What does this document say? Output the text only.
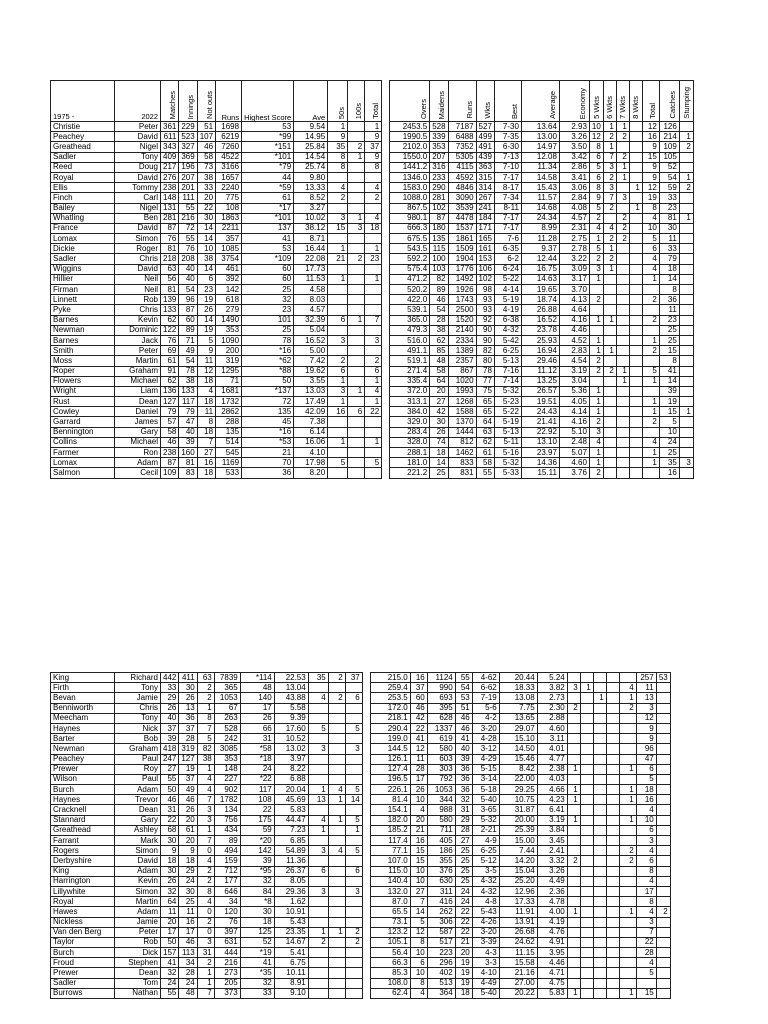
1975 -	2022	Matches	Innings	Not outs	Runs	Highest Score	Ave	50s	100s	Total		Overs	Maidens	Runs	Wkts	Best	Average	Economy	5 Wkts	6 Wkts	7 Wkts	8 Wkts	Total	Catches	Stumping
Christie	Peter	361	229	51	1698	53	9.54	1		1		2453.5	528	7187	527	7-30	13.64	2.93	10	1	1		12	126	
Peachey	David	611	523	107	6219	*99	14.95	9		9		1990.5	339	6488	499	7-35	13.00	3.26	12	2	2		16	214	1
Greathead	Nigel	343	327	46	7260	*151	25.84	35	2	37		2102.0	353	7352	491	6-30	14.97	3.50	8	1			9	109	2
Sadler	Tony	409	369	58	4522	*101	14.54	8	1	9		1550.0	207	5305	439	7-13	12.08	3.42	6	7	2		15	105	
Reed	Doug	217	196	73	3166	*79	25.74	8		8		1441.2	316	4115	363	7-10	11.34	2.86	5	3	1		9	52	
Royal	David	276	207	38	1657	44	9.80					1346.0	233	4592	315	7-17	14.58	3.41	6	2	1		9	54	1
Ellis	Tommy	238	201	33	2240	*59	13.33	4		4		1583.0	290	4846	314	8-17	15.43	3.06	8	3		1	12	59	2
Finch	Carl	148	111	20	775	61	8.52	2		2		1088.0	281	3090	267	7-34	11.57	2.84	9	7	3		19	33	
Bailey	Nigel	131	55	22	108	*17	3.27					867.5	102	3539	241	8-11	14.68	4.08	5	2		1	8	23	
Whatling	Ben	281	216	30	1863	*101	10.02	3	1	4		980.1	87	4478	184	7-17	24.34	4.57	2		2		4	81	1
France	David	87	72	14	2211	137	38.12	15	3	18		666.3	180	1537	171	7-17	8.99	2.31	4	4	2		10	30	
Lomax	Simon	76	55	14	357	41	8.71					675.5	135	1861	165	7-6	11.28	2.75	1	2	2		5	11	
Dickie	Roger	81	76	10	1085	53	16.44	1		1		543.5	115	1509	161	6-35	9.37	2.78	5	1			6	33	
Sadler	Chris	218	208	38	3754	*109	22.08	21	2	23		592.2	100	1904	153	6-2	12.44	3.22	2	2			4	79	
Wiggins	David	63	40	14	461	60	17.73					575.4	103	1776	106	6-24	16.75	3.09	3	1			4	18	
Hillier	Neil	56	40	6	392	60	11.53	1		1		471.2	82	1492	102	5-22	14.63	3.17	1				1	14	
Firman	Neil	81	54	23	142	25	4.58					520.2	89	1926	98	4-14	19.65	3.70						8	
Linnett	Rob	139	96	19	618	32	8.03					422.0	46	1743	93	5-19	18.74	4.13	2				2	36	
Pyke	Chris	133	87	26	279	23	4.57					539.1	54	2500	93	4-19	26.88	4.64						11	
Barnes	Kevin	62	60	14	1490	101	32.39	6	1	7		365.0	28	1520	92	6-38	16.52	4.16	1	1			2	23	
Newman	Dominic	122	89	19	353	25	5.04					479.3	38	2140	90	4-32	23.78	4.46						25	
Barnes	Jack	76	71	5	1090	78	16.52	3		3		516.0	62	2334	90	5-42	25.93	4.52	1				1	25	
Smith	Peter	69	49	9	200	*16	5.00					491.1	85	1389	82	6-25	16.94	2.83	1	1			2	15	
Moss	Martin	61	54	11	319	*62	7.42	2		2		519.1	48	2357	80	5-13	29.46	4.54	2					8	
Roper	Graham	91	78	12	1295	*88	19.62	6		6		271.4	58	867	78	7-16	11.12	3.19	2	2	1		5	41	
Flowers	Michael	62	38	18	71	50	3.55	1		1		335.4	64	1020	77	7-14	13.25	3.04			1		1	14	
Wright	Liam	136	133	4	1681	*137	13.03	3	1	4		372.0	20	1993	75	5-32	26.57	5.36	1					39	
Rust	Dean	127	117	18	1732	72	17.49	1		1		313.1	27	1268	65	5-23	19.51	4.05	1				1	19	
Cowley	Daniel	79	79	11	2862	135	42.09	16	6	22		384.0	42	1588	65	5-22	24.43	4.14	1				1	15	1
Garrard	James	57	47	8	288	45	7.38					329.0	30	1370	64	5-19	21.41	4.16	2				2	5	
Bennington	Gary	58	40	18	135	*16	6.14					283.4	26	1444	63	5-13	22.92	5.10	3					10	
Collins	Michael	46	39	7	514	*53	16.06	1		1		328.0	74	812	62	5-11	13.10	2.48	4				4	24	
Farmer	Ron	238	160	27	545	21	4.10					288.1	18	1462	61	5-16	23.97	5.07	1				1	25	
Lomax	Adam	87	81	16	1169	70	17.98	5		5		181.0	14	833	58	5-32	14.36	4.60	1				1	35	3
Salmon	Cecil	109	83	18	533	36	8.20					221.2	25	831	55	5-33	15.11	3.76	2					16	
King	Richard	442	411	63	7839	*114	22.53	35	2	37		215.0	16	1124	55	4-62	20.44	5.24						257	53
Firth	Tony	33	30	2	365	48	13.04					259.4	37	990	54	6-62	18.33	3.82	3	1			4	11	
Bevan	Jamie	29	26	2	1053	140	43.88	4	2	6		253.5	60	693	53	7-19	13.08	2.73			1		1	13	
Benniworth	Chris	26	13	1	67	17	5.58					172.0	46	395	51	5-6	7.75	2.30	2				2	3	
Meecham	Tony	40	36	8	263	26	9.39					218.1	42	628	46	4-2	13.65	2.88						12	
Haynes	Nick	37	37	7	528	66	17.60	5		5		290.4	22	1337	46	3-20	29.07	4.60						9	
Barter	Bob	39	28	5	242	31	10.52					199.0	41	619	41	4-28	15.10	3.11						9	
Newman	Graham	418	319	82	3085	*58	13.02	3		3		144.5	12	580	40	3-12	14.50	4.01						96	
Peachey	Paul	247	127	38	353	*18	3.97					126.1	11	603	39	4-29	15.46	4.77						47	
Prewer	Roy	27	19	1	148	24	8.22					127.4	28	303	36	5-15	8.42	2.38	1				1	6	
Wilson	Paul	55	37	4	227	*22	6.88					196.5	17	792	36	3-14	22.00	4.03						5	
Burch	Adam	50	49	4	902	117	20.04	1	4	5		226.1	26	1053	36	5-18	29.25	4.66	1				1	18	
Haynes	Trevor	46	46	7	1782	108	45.69	13	1	14		81.4	10	344	32	5-40	10.75	4.23	1				1	16	
Cracknell	Dean	31	26	3	134	22	5.83					154.1	4	988	31	3-65	31.87	6.41						4	
Stannard	Gary	22	20	3	756	175	44.47	4	1	5		182.0	20	580	29	5-32	20.00	3.19	1				1	10	
Greathead	Ashley	68	61	1	434	59	7.23	1		1		185.2	21	711	28	2-21	25.39	3.84						6	
Farrant	Mark	30	20	7	89	*20	6.85					117.4	16	405	27	4-9	15.00	3.45						3	
Rogers	Simon	9	9	0	494	142	54.89	3	4	5		77.1	15	186	25	6-25	7.44	2.41					2	4	
Derbyshire	David	18	18	4	159	39	11.36					107.0	15	355	25	5-12	14.20	3.32	2				2	6	
King	Adam	30	29	2	712	*95	26.37	6		6		115.0	10	376	25	3-5	15.04	3.26						8	
Harrington	Kevin	26	24	2	177	32	8.05					140.4	10	630	25	4-32	25.20	4.49						4	
Lillywhite	Simon	32	30	8	646	84	29.36	3		3		132.0	27	311	24	4-32	12.96	2.36						17	
Royal	Martin	64	25	4	34	*8	1.62					87.0	7	416	24	4-8	17.33	4.78						8	
Hawes	Adam	11	11	0	120	30	10.91					65.5	14	262	22	5-43	11.91	4.00	1				1	4	2
Nickless	Jamie	20	16	2	76	18	5.43					73.1	5	306	22	4-26	13.91	4.19						3	
Van den Berg	Peter	17	17	0	397	125	23.35	1	1	2		123.2	12	587	22	3-20	26.68	4.76						7	
Taylor	Rob	50	46	3	631	52	14.67	2		2		105.1	8	517	21	3-39	24.62	4.91						22	
Burch	Dick	157	113	31	444	*19	5.41					56.4	10	223	20	4-3	11.15	3.95						28	
Froud	Stephen	41	34	2	216	41	6.75					66.3	6	296	19	3-3	15.58	4.46						4	
Prewer	Dean	32	28	1	273	*35	10.11					85.3	10	402	19	4-10	21.16	4.71						5	
Sadler	Tom	24	24	1	205	32	8.91					108.0	8	513	19	4-49	27.00	4.75							
Burrows	Nathan	55	48	7	373	33	9.10					62.4	4	364	18	5-40	20.22	5.83	1				1	15	
